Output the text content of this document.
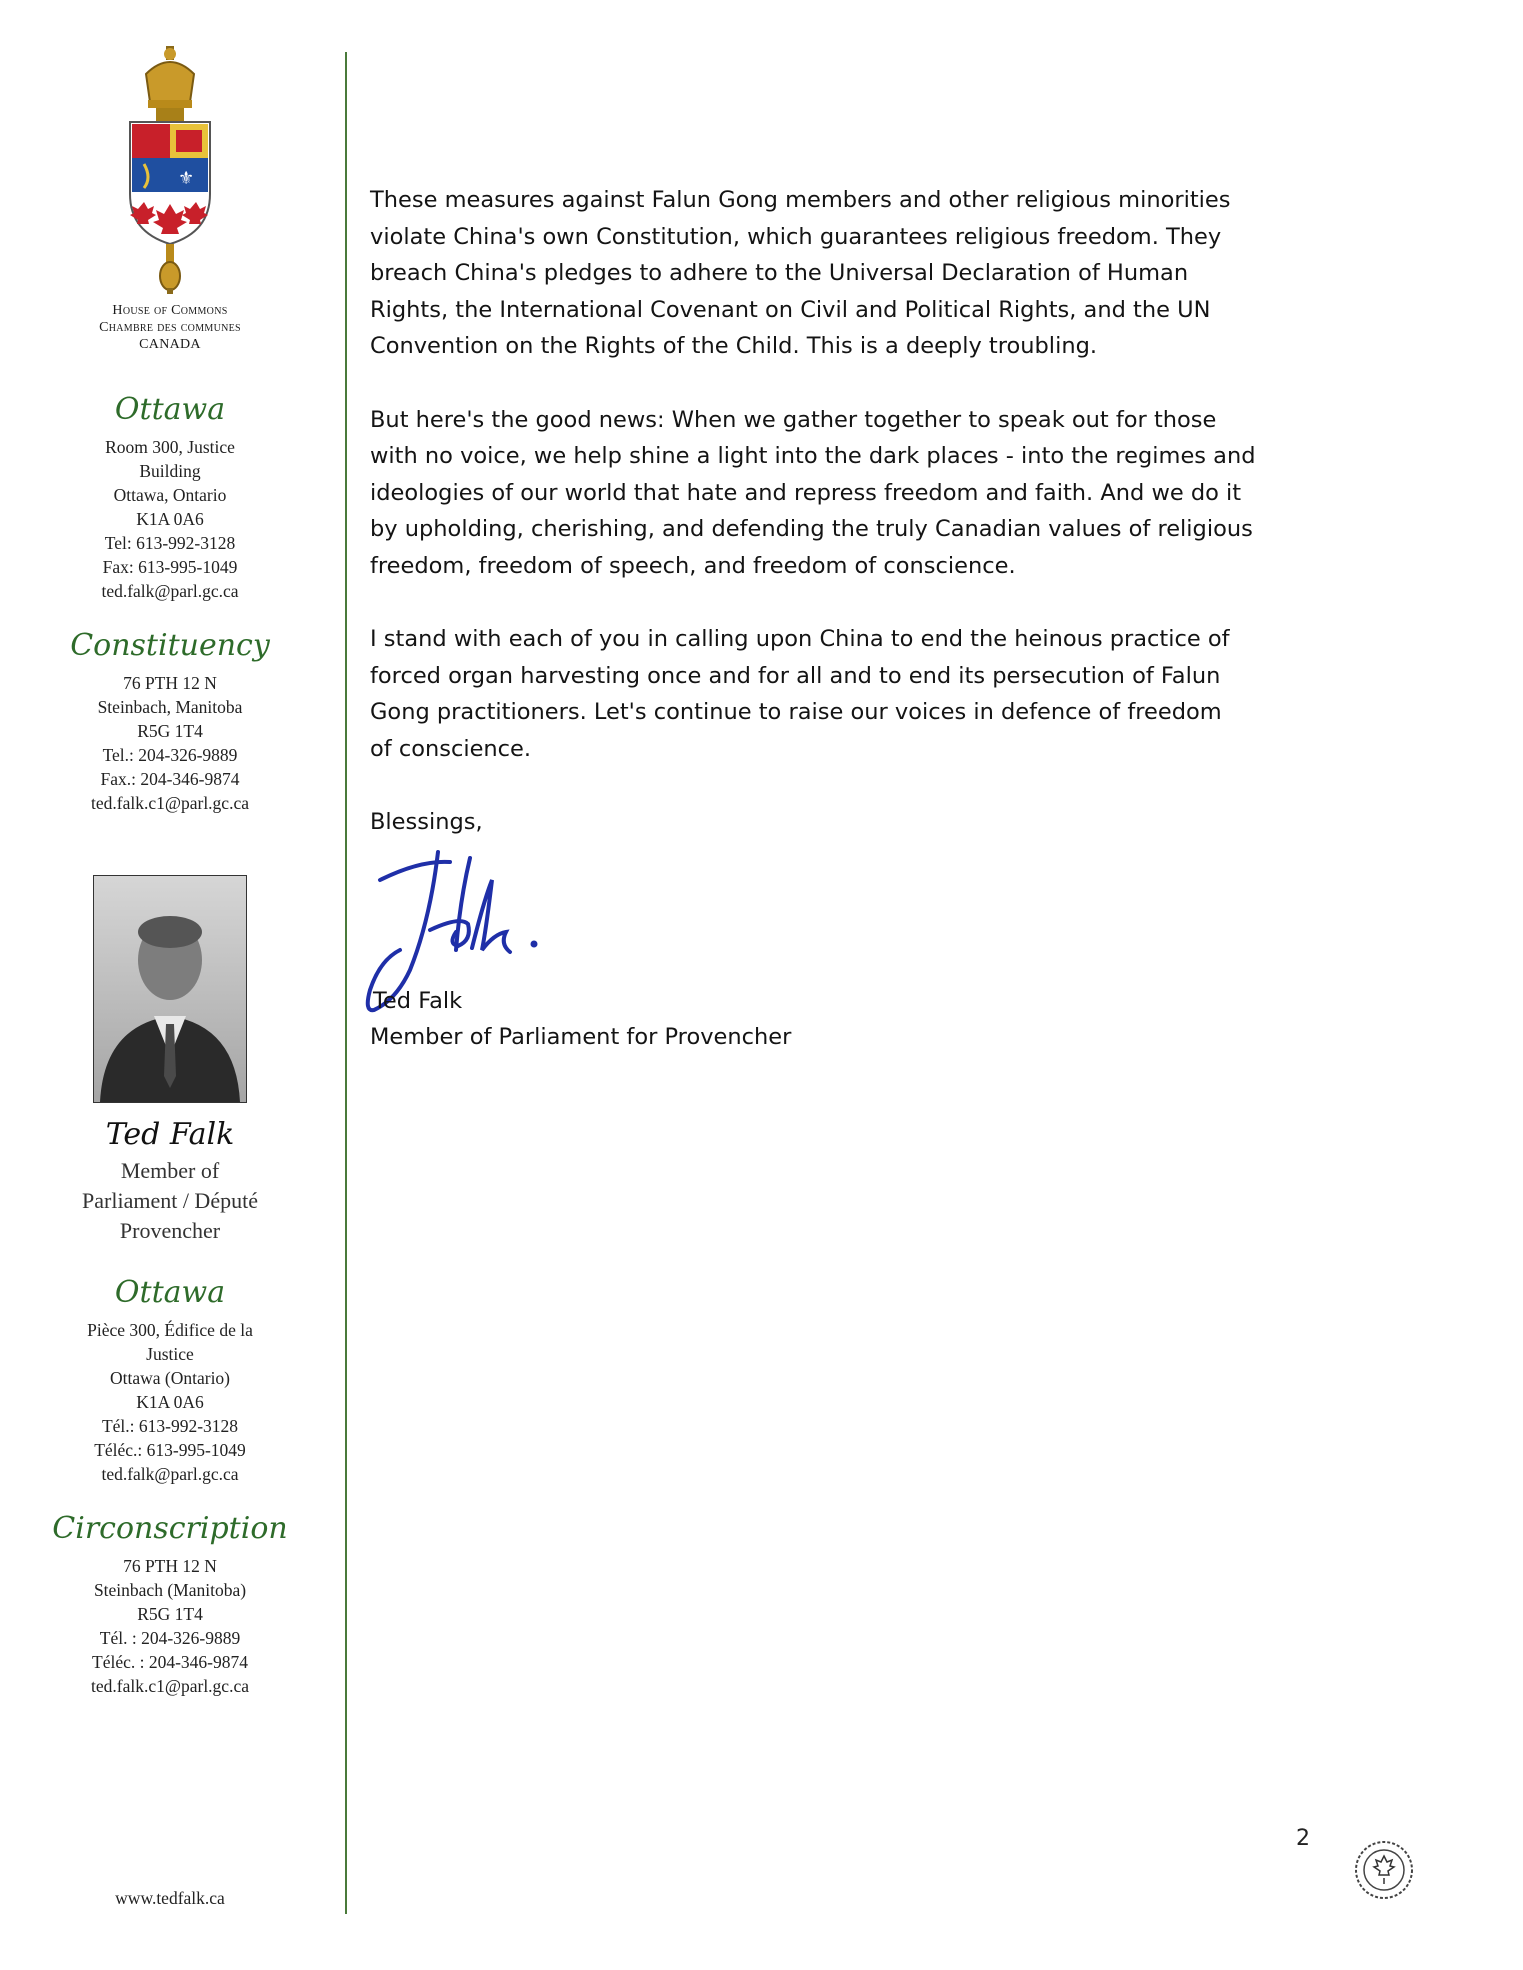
⚜
House of Commons
Chambre des communes
CANADA
Ottawa
Room 300, Justice
Building
Ottawa, Ontario
K1A 0A6
Tel: 613-992-3128
Fax: 613-995-1049
ted.falk@parl.gc.ca
Constituency
76 PTH 12 N
Steinbach, Manitoba
R5G 1T4
Tel.: 204-326-9889
Fax.: 204-346-9874
ted.falk.c1@parl.gc.ca
Ted Falk
Member of
Parliament / Député
Provencher
Ottawa
Pièce 300, Édifice de la
Justice
Ottawa (Ontario)
K1A 0A6
Tél.: 613-992-3128
Téléc.: 613-995-1049
ted.falk@parl.gc.ca
Circonscription
76 PTH 12 N
Steinbach (Manitoba)
R5G 1T4
Tél. : 204-326-9889
Téléc. : 204-346-9874
ted.falk.c1@parl.gc.ca
www.tedfalk.ca

These measures against Falun Gong members and other religious minorities
violate China's own Constitution, which guarantees religious freedom. They
breach China's pledges to adhere to the Universal Declaration of Human
Rights, the International Covenant on Civil and Political Rights, and the UN
Convention on the Rights of the Child. This is a deeply troubling.

But here's the good news: When we gather together to speak out for those
with no voice, we help shine a light into the dark places - into the regimes and
ideologies of our world that hate and repress freedom and faith. And we do it
by upholding, cherishing, and defending the truly Canadian values of religious
freedom, freedom of speech, and freedom of conscience.

I stand with each of you in calling upon China to end the heinous practice of
forced organ harvesting once and for all and to end its persecution of Falun
Gong practitioners. Let's continue to raise our voices in defence of freedom
of conscience.

Blessings,

Ted Falk
Member of Parliament for Provencher
2
